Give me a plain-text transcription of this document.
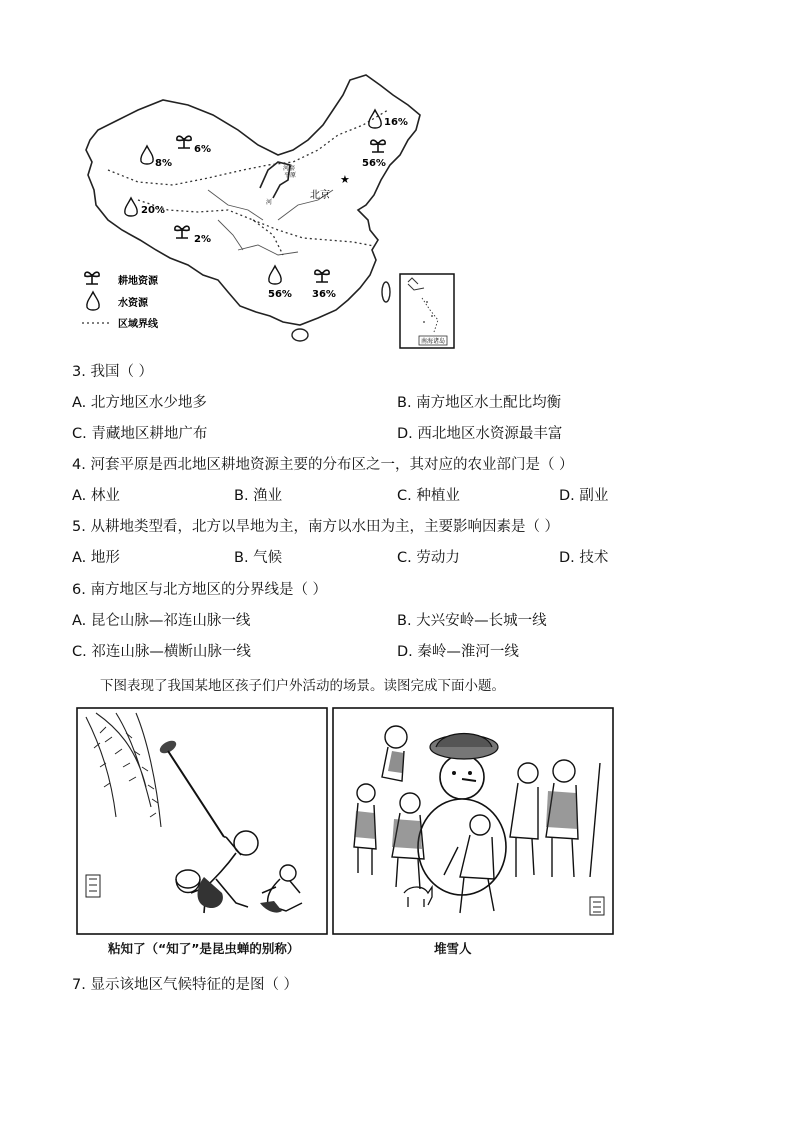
6%
8%
20%
2%
16%
56%
56% 36%
★
北京
河套
平原
河
耕地资源
水资源
区域界线
南海诸岛
3. 我国（ ）
A. 北方地区水少地多	B. 南方地区水土配比均衡
C. 青藏地区耕地广布	D. 西北地区水资源最丰富
4. 河套平原是西北地区耕地资源主要的分布区之一，其对应的农业部门是（ ）
A. 林业	B. 渔业	C. 种植业	D. 副业
5. 从耕地类型看，北方以旱地为主，南方以水田为主，主要影响因素是（ ）
A. 地形	B. 气候	C. 劳动力	D. 技术
6. 南方地区与北方地区的分界线是（ ）
A. 昆仑山脉—祁连山脉一线	B. 大兴安岭—长城一线
C. 祁连山脉—横断山脉一线	D. 秦岭—淮河一线
下图表现了我国某地区孩子们户外活动的场景。读图完成下面小题。
粘知了（“知了”是昆虫蝉的别称）	堆雪人
7. 显示该地区气候特征的是图（ ）
